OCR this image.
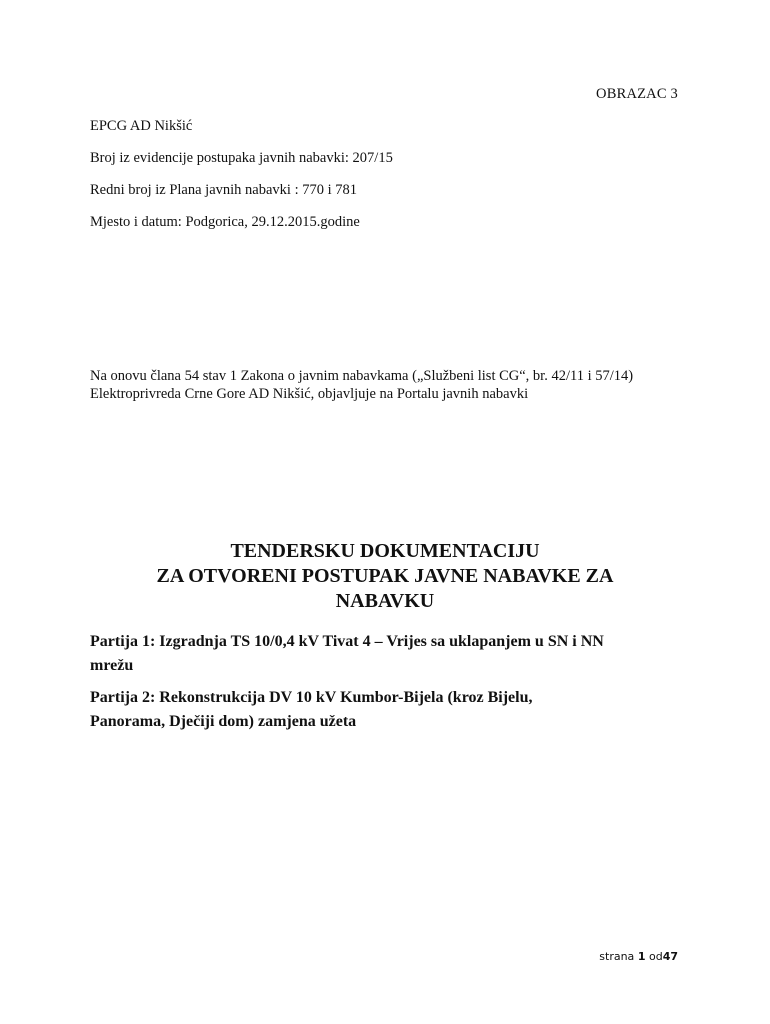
OBRAZAC 3
EPCG AD Nikšić
Broj iz evidencije postupaka javnih nabavki: 207/15
Redni broj iz Plana javnih nabavki : 770 i 781
Mjesto i datum: Podgorica, 29.12.2015.godine
Na onovu člana 54 stav 1 Zakona o javnim nabavkama („Službeni list CG“, br. 42/11 i 57/14)
Elektroprivreda Crne Gore AD Nikšić, objavljuje na Portalu javnih nabavki
TENDERSKU DOKUMENTACIJU
ZA OTVORENI POSTUPAK JAVNE NABAVKE ZA
NABAVKU
Partija 1: Izgradnja TS 10/0,4 kV Tivat 4 – Vrijes sa uklapanjem u SN i NN
mrežu
Partija 2: Rekonstrukcija DV 10 kV Kumbor-Bijela (kroz Bijelu,
Panorama, Dječiji dom) zamjena užeta
strana 1 od47
